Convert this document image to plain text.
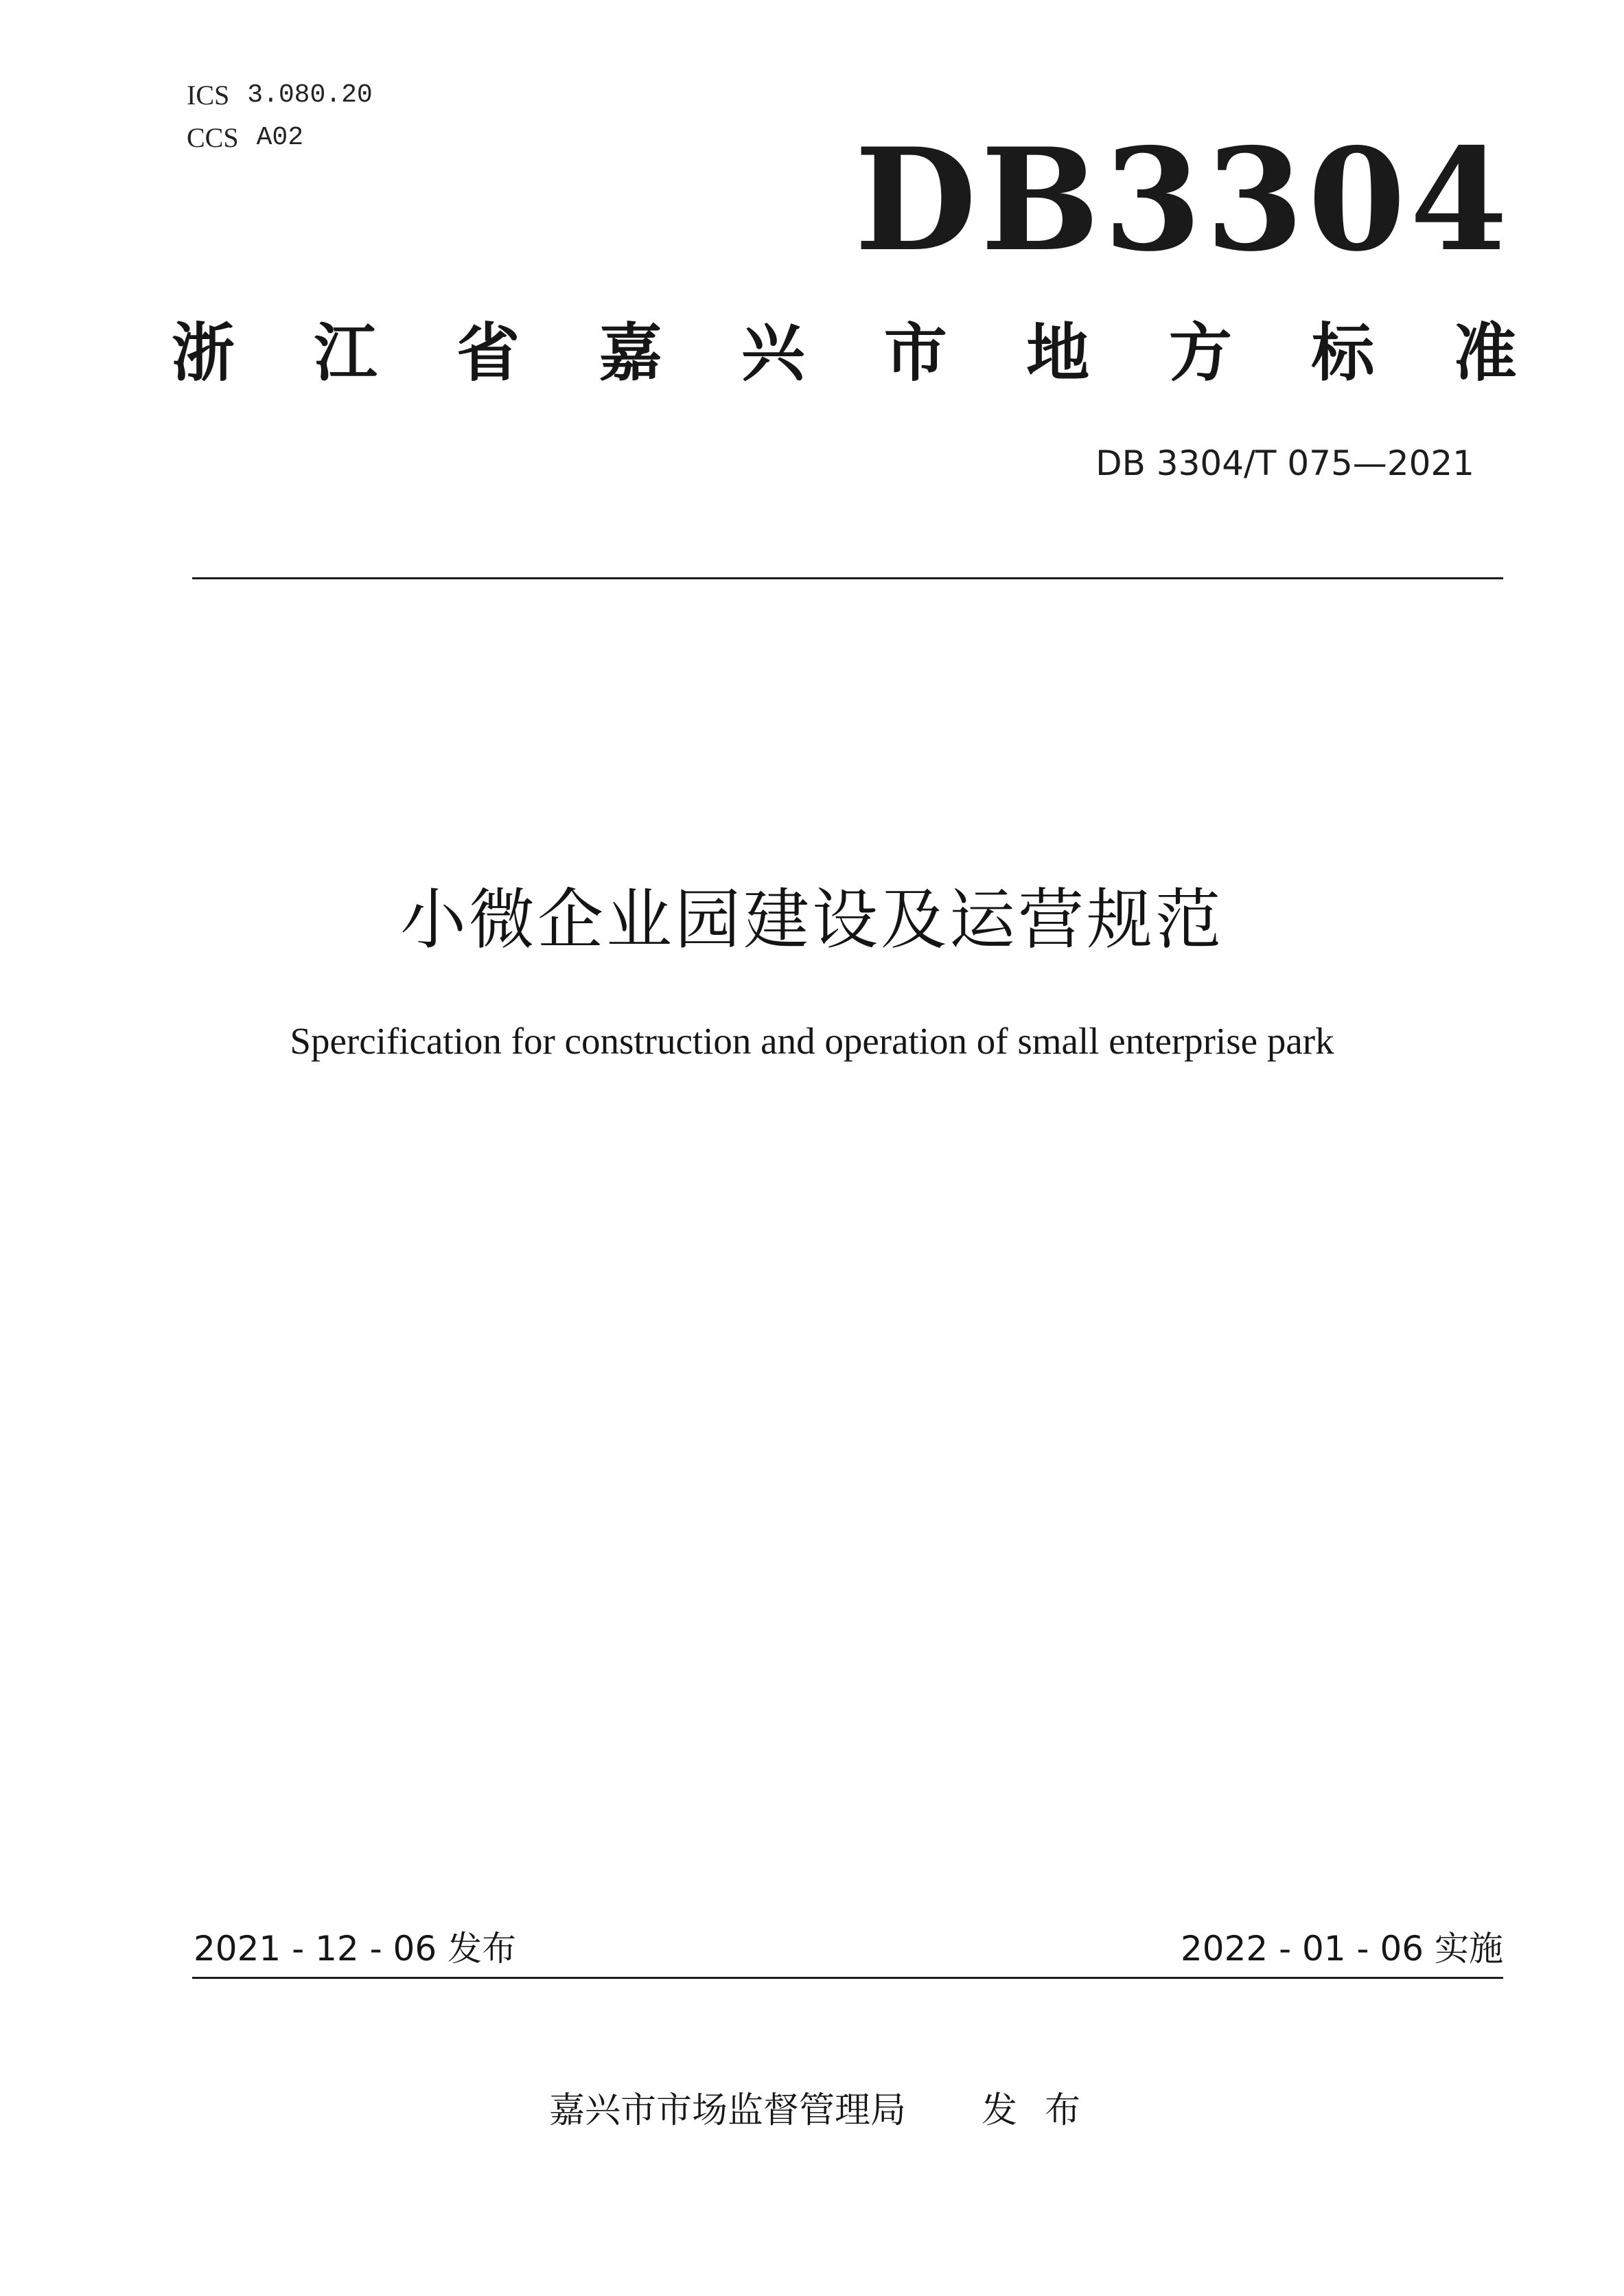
ICS 3.080.20
CCS A02	DB3304
浙 江 省 嘉 兴 市 地 方 标 准
DB 3304/T 075—2021
小微企业园建设及运营规范
Spercification for construction and operation of small enterprise park
2021 - 12 - 06 发布	2022 - 01 - 06 实施
嘉兴市市场监督管理局 发布
